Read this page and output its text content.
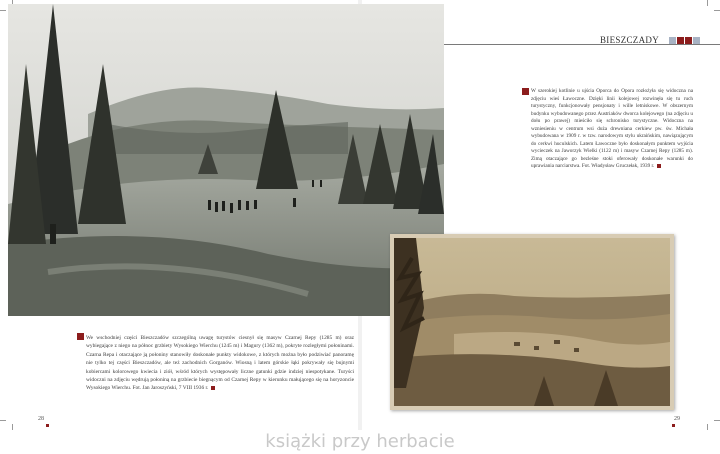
BIESZCZADY
W szerokiej kotlinie u ujścia Oporca do Opora rozłożyła się widoczna na zdjęciu wieś Ławoczne. Dzięki linii kolejowej rozwinęła się tu ruch turystyczny, funkcjonowały pensjonaty i wille letniskowe. W obszernym budynku wybudowanego przez Austriaków dworca kolejowego (na zdjęciu u dołu po prawej) mieściło się schronisko turystyczne. Widoczna na wzniesieniu w centrum wsi duża drewniana cerkiew pw. św. Michała wybudowana w 1909 r. w tzw. narodowym stylu ukraińskim, nawiązującym do cerkwi huculskich. Latem Ławoczne było doskonałym punktem wyjścia wycieczek na Jaworzyk Wielki (1122 m) i masyw Czarnej Repy (1285 m). Zimą otaczające go bezleśne stoki oferowały doskonałe warunki do uprawiania narciarstwa. Fot. Władysław Gruczełak, 1939 r.
We wschodniej części Bieszczadów szczególną uwagę turystów ciesnył się masyw Czarnej Repy (1285 m) oraz wybiegające z niego na północ grzbiety Wysokiego Wierchu (1245 m) i Magury (1362 m), pokryte rozległymi połoninami. Czarna Repa i otaczające ją połoniny stanowiły doskonałe punkty widokowe, z których można było podziwiać panoramę nie tylko tej części Bieszczadów, ale też zachodnich Gorganów. Wiosną i latem górskie łąki pokrywały się bujnymi kobiercami kolorowego kwiecia i ziół, wśród których występowały liczne gatunki gdzie indziej niespotykane. Turyści widoczni na zdjęciu wędrują połoniną na grzbiecie biegnącym od Czarnej Repy w kierunku małującego się na horyzoncie Wysokiego Wierchu. Fot. Jan Jaroszyński, 7 VIII 1936 r.
28	29
książki przy herbacie
